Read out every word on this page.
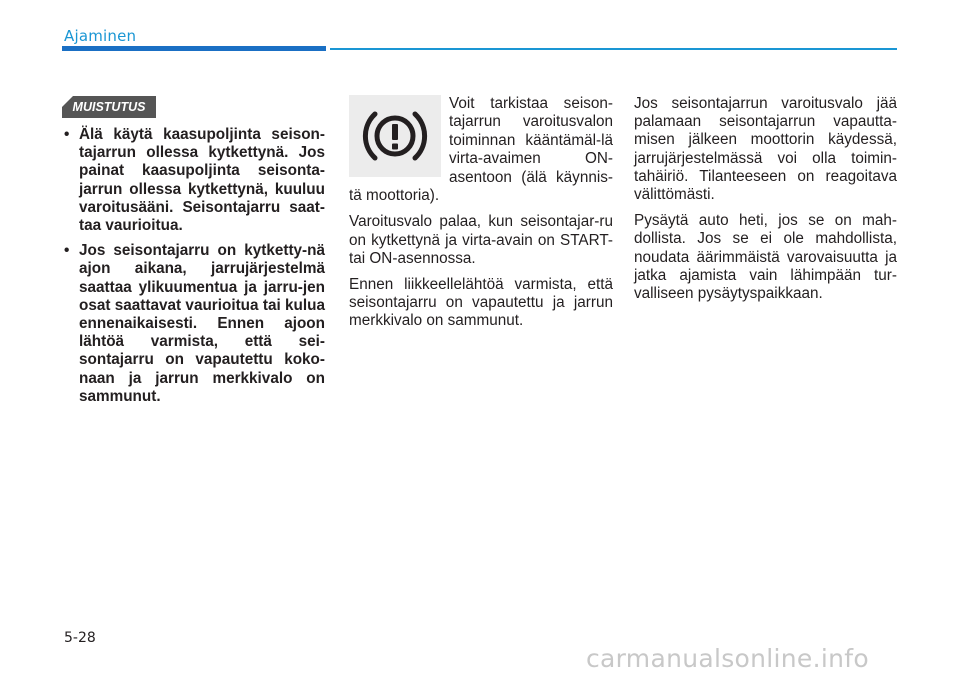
Ajaminen
MUISTUTUS
• Älä käytä kaasupoljinta seison-tajarrun ollessa kytkettynä. Jos painat kaasupoljinta seisonta-jarrun ollessa kytkettynä, kuuluu varoitusääni. Seisontajarru saat-taa vaurioitua.
• Jos seisontajarru on kytketty-nä ajon aikana, jarrujärjestelmä saattaa ylikuumentua ja jarru-jen osat saattavat vaurioitua tai kulua ennenaikaisesti. Ennen ajoon lähtöä varmista, että sei-sontajarru on vapautettu koko-naan ja jarrun merkkivalo on sammunut.

Voit tarkistaa seison-tajarrun varoitusvalon toiminnan kääntämäl-lä virta-avaimen ON-asentoon (älä käynnis-tä moottoria).

Varoitusvalo palaa, kun seisontajar-ru on kytkettynä ja virta-avain on START- tai ON-asennossa.

Ennen liikkeellelähtöä varmista, että seisontajarru on vapautettu ja jarrun merkkivalo on sammunut.

Jos seisontajarrun varoitusvalo jää palamaan seisontajarrun vapautta-misen jälkeen moottorin käydessä, jarrujärjestelmässä voi olla toimin-tahäiriö. Tilanteeseen on reagoitava välittömästi.

Pysäytä auto heti, jos se on mah-dollista. Jos se ei ole mahdollista, noudata äärimmäistä varovaisuutta ja jatka ajamista vain lähimpään tur-valliseen pysäytyspaikkaan.

5-28
carmanualsonline.info
